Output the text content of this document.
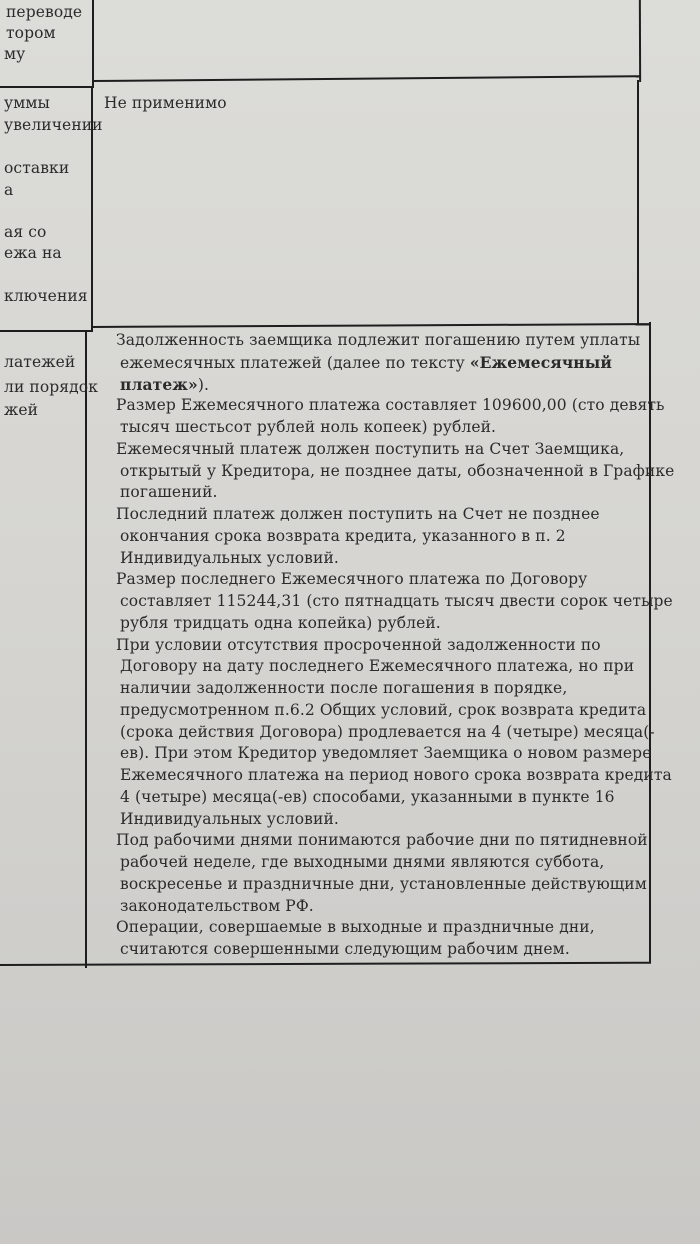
переводе
тором
му
уммы
увеличении
оставки
а
ая со
ежа на
ключения
Не применимо
латежей
ли порядок
жей
Задолженность заемщика подлежит погашению путем уплаты
ежемесячных платежей (далее по тексту «Ежемесячный
платеж»).
Размер Ежемесячного платежа составляет 109600,00 (сто девять
тысяч шестьсот рублей ноль копеек) рублей.
Ежемесячный платеж должен поступить на Счет Заемщика,
открытый у Кредитора, не позднее даты, обозначенной в Графике
погашений.
Последний платеж должен поступить на Счет не позднее
окончания срока возврата кредита, указанного в п. 2
Индивидуальных условий.
Размер последнего Ежемесячного платежа по Договору
составляет 115244,31 (сто пятнадцать тысяч двести сорок четыре
рубля тридцать одна копейка) рублей.
При условии отсутствия просроченной задолженности по
Договору на дату последнего Ежемесячного платежа, но при
наличии задолженности после погашения в порядке,
предусмотренном п.6.2 Общих условий, срок возврата кредита
(срока действия Договора) продлевается на 4 (четыре) месяца(-
ев). При этом Кредитор уведомляет Заемщика о новом размере
Ежемесячного платежа на период нового срока возврата кредита
4 (четыре) месяца(-ев) способами, указанными в пункте 16
Индивидуальных условий.
Под рабочими днями понимаются рабочие дни по пятидневной
рабочей неделе, где выходными днями являются суббота,
воскресенье и праздничные дни, установленные действующим
законодательством РФ.
Операции, совершаемые в выходные и праздничные дни,
считаются совершенными следующим рабочим днем.
